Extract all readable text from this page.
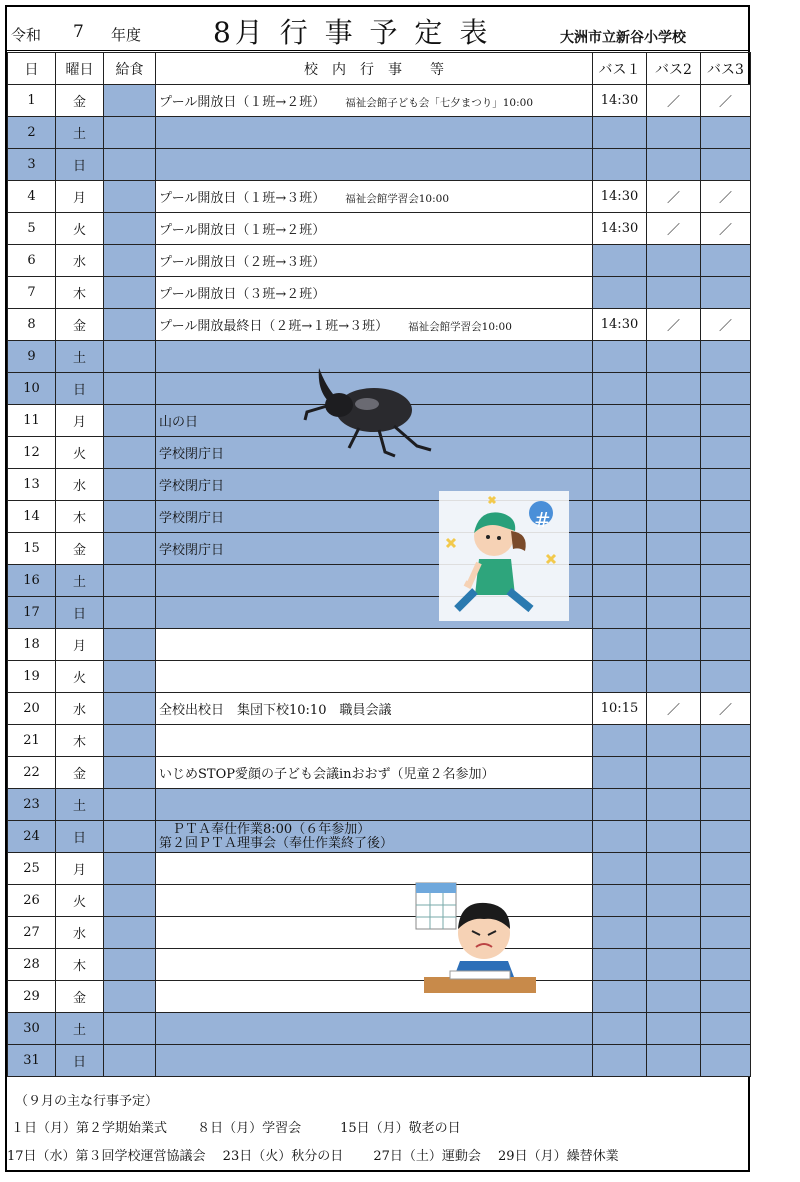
令和 7 年度	8月 行 事 予 定 表	大洲市立新谷小学校
日	曜日	給食	校　内　行　事　　等	バス１	バス2	バス3
1	金		プール開放日（１班→２班） 福祉会館子ども会「七夕まつり」10:00	14:30	／	／
2	土					
3	日					
4	月		プール開放日（１班→３班） 福祉会館学習会10:00	14:30	／	／
5	火		プール開放日（１班→２班）	14:30	／	／
6	水		プール開放日（２班→３班）			
7	木		プール開放日（３班→２班）			
8	金		プール開放最終日（２班→１班→３班） 福祉会館学習会10:00	14:30	／	／
9	土					
10	日					
11	月		山の日			
12	火		学校閉庁日			
13	水		学校閉庁日			
14	木		学校閉庁日			
15	金		学校閉庁日			
16	土					
17	日					
18	月					
19	火					
20	水		全校出校日　集団下校10:10　職員会議	10:15	／	／
21	木					
22	金		いじめSTOP愛顔の子ども会議inおおず（児童２名参加）			
23	土					
24	日		　ＰＴＡ奉仕作業8:00（６年参加）
第２回ＰＴＡ理事会（奉仕作業終了後）			
25	月					
26	火					
27	水					
28	木					
29	金					
30	土					
31	日					
#
（９月の主な行事予定）
１日（月）第２学期始業式　　 ８日（月）学習会　　　15日（月）敬老の日
17日（水）第３回学校運営協議会　 23日（火）秋分の日　　 27日（土）運動会　 29日（月）繰替休業
